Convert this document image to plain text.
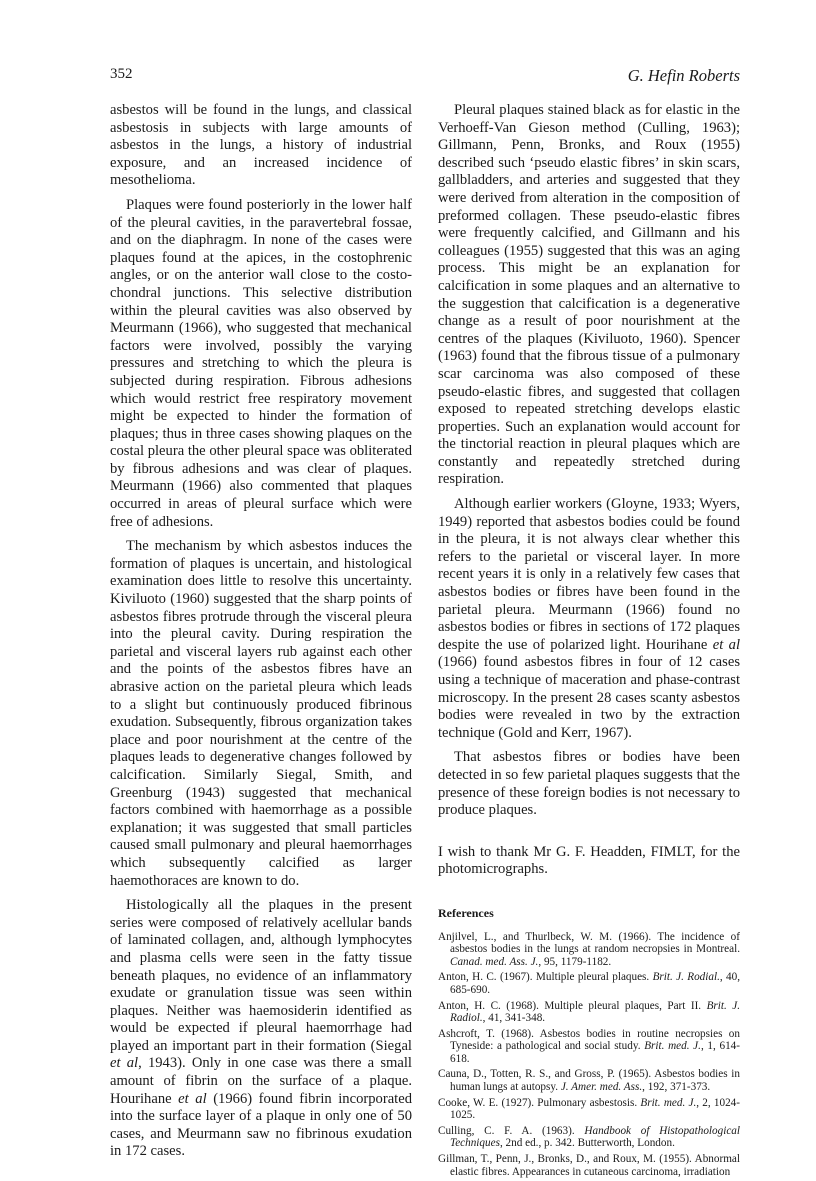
352	G. Hefin Roberts

asbestos will be found in the lungs, and classical asbestosis in subjects with large amounts of asbestos in the lungs, a history of industrial exposure, and an increased incidence of mesothelioma.

Plaques were found posteriorly in the lower half of the pleural cavities, in the paravertebral fossae, and on the diaphragm. In none of the cases were plaques found at the apices, in the costophrenic angles, or on the anterior wall close to the costo-chondral junctions. This selective distribution within the pleural cavities was also observed by Meurmann (1966), who suggested that mechanical factors were involved, possibly the varying pressures and stretching to which the pleura is subjected during respiration. Fibrous adhesions which would restrict free respiratory movement might be expected to hinder the formation of plaques; thus in three cases showing plaques on the costal pleura the other pleural space was obliterated by fibrous adhesions and was clear of plaques. Meurmann (1966) also commented that plaques occurred in areas of pleural surface which were free of adhesions.

The mechanism by which asbestos induces the formation of plaques is uncertain, and histological examination does little to resolve this uncertainty. Kiviluoto (1960) suggested that the sharp points of asbestos fibres protrude through the visceral pleura into the pleural cavity. During respiration the parietal and visceral layers rub against each other and the points of the asbestos fibres have an abrasive action on the parietal pleura which leads to a slight but continuously produced fibrinous exudation. Subsequently, fibrous organization takes place and poor nourishment at the centre of the plaques leads to degenerative changes followed by calcification. Similarly Siegal, Smith, and Greenburg (1943) suggested that mechanical factors combined with haemorrhage as a possible explanation; it was suggested that small particles caused small pulmonary and pleural haemorrhages which subsequently calcified as larger haemothoraces are known to do.

Histologically all the plaques in the present series were composed of relatively acellular bands of laminated collagen, and, although lymphocytes and plasma cells were seen in the fatty tissue beneath plaques, no evidence of an inflammatory exudate or granulation tissue was seen within plaques. Neither was haemosiderin identified as would be expected if pleural haemorrhage had played an important part in their formation (Siegal et al, 1943). Only in one case was there a small amount of fibrin on the surface of a plaque. Hourihane et al (1966) found fibrin incorporated into the surface layer of a plaque in only one of 50 cases, and Meurmann saw no fibrinous exudation in 172 cases.

Pleural plaques stained black as for elastic in the Verhoeff-Van Gieson method (Culling, 1963); Gillmann, Penn, Bronks, and Roux (1955) described such ‘pseudo elastic fibres’ in skin scars, gallbladders, and arteries and suggested that they were derived from alteration in the composition of preformed collagen. These pseudo-elastic fibres were frequently calcified, and Gillmann and his colleagues (1955) suggested that this was an aging process. This might be an explanation for calcification in some plaques and an alternative to the suggestion that calcification is a degenerative change as a result of poor nourishment at the centres of the plaques (Kiviluoto, 1960). Spencer (1963) found that the fibrous tissue of a pulmonary scar carcinoma was also composed of these pseudo-elastic fibres, and suggested that collagen exposed to repeated stretching develops elastic properties. Such an explanation would account for the tinctorial reaction in pleural plaques which are constantly and repeatedly stretched during respiration.

Although earlier workers (Gloyne, 1933; Wyers, 1949) reported that asbestos bodies could be found in the pleura, it is not always clear whether this refers to the parietal or visceral layer. In more recent years it is only in a relatively few cases that asbestos bodies or fibres have been found in the parietal pleura. Meurmann (1966) found no asbestos bodies or fibres in sections of 172 plaques despite the use of polarized light. Hourihane et al (1966) found asbestos fibres in four of 12 cases using a technique of maceration and phase-contrast microscopy. In the present 28 cases scanty asbestos bodies were revealed in two by the extraction technique (Gold and Kerr, 1967).

That asbestos fibres or bodies have been detected in so few parietal plaques suggests that the presence of these foreign bodies is not necessary to produce plaques.

I wish to thank Mr G. F. Headden, FIMLT, for the photomicrographs.

References
Anjilvel, L., and Thurlbeck, W. M. (1966). The incidence of asbestos bodies in the lungs at random necropsies in Montreal. Canad. med. Ass. J., 95, 1179-1182.
Anton, H. C. (1967). Multiple pleural plaques. Brit. J. Rodial., 40, 685-690.
Anton, H. C. (1968). Multiple pleural plaques, Part II. Brit. J. Radiol., 41, 341-348.
Ashcroft, T. (1968). Asbestos bodies in routine necropsies on Tyneside: a pathological and social study. Brit. med. J., 1, 614-618.
Cauna, D., Totten, R. S., and Gross, P. (1965). Asbestos bodies in human lungs at autopsy. J. Amer. med. Ass., 192, 371-373.
Cooke, W. E. (1927). Pulmonary asbestosis. Brit. med. J., 2, 1024-1025.
Culling, C. F. A. (1963). Handbook of Histopathological Techniques, 2nd ed., p. 342. Butterworth, London.
Gillman, T., Penn, J., Bronks, D., and Roux, M. (1955). Abnormal elastic fibres. Appearances in cutaneous carcinoma, irradiation
